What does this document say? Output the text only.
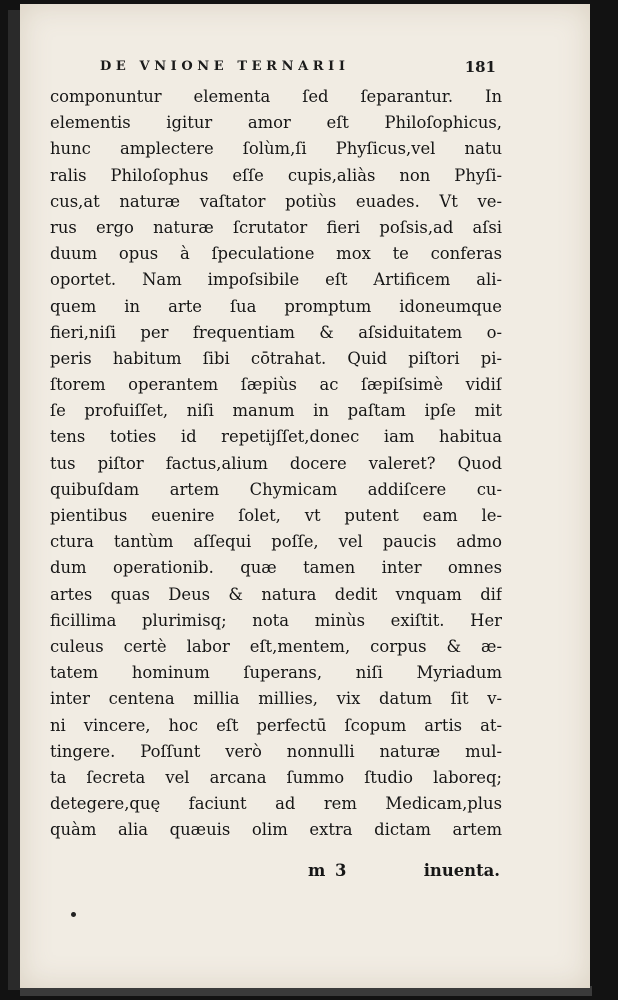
DE VNIONE TERNARII	181
componuntur elementa ſed ſeparantur. In
elementis igitur amor eſt Philoſophicus,
hunc amplectere ſolùm,ſi Phyſicus,vel natu
ralis Philoſophus eſſe cupis,aliàs non Phyſi-
cus,at naturæ vaſtator potiùs euades. Vt ve-
rus ergo naturæ ſcrutator fieri poſsis,ad aſsi
duum opus à ſpeculatione mox te conferas
oportet. Nam impoſsibile eſt Artificem ali-
quem in arte ſua promptum idoneumque
fieri,niſi per frequentiam & aſsiduitatem o-
peris habitum ſibi cōtrahat. Quid piſtori pi-
ſtorem operantem ſæpiùs ac ſæpiſsimè vidiſ
ſe profuiſſet, niſi manum in paſtam ipſe mit
tens toties id repetijſſet,donec iam habitua
tus piſtor factus,alium docere valeret? Quod
quibuſdam artem Chymicam addiſcere cu-
pientibus euenire ſolet, vt putent eam le-
ctura tantùm aſſequi poſſe, vel paucis admo
dum operationib. quæ tamen inter omnes
artes quas Deus & natura dedit vnquam dif
ficillima plurimisq; nota minùs exiſtit. Her
culeus certè labor eſt,mentem, corpus & æ-
tatem hominum ſuperans, niſi Myriadum
inter centena millia millies, vix datum ſit v-
ni vincere, hoc eſt perfectū ſcopum artis at-
tingere. Poſſunt verò nonnulli naturæ mul-
ta ſecreta vel arcana ſummo ſtudio laboreq;
detegere,quę faciunt ad rem Medicam,plus
quàm alia quæuis olim extra dictam artem
m 3	inuenta.
